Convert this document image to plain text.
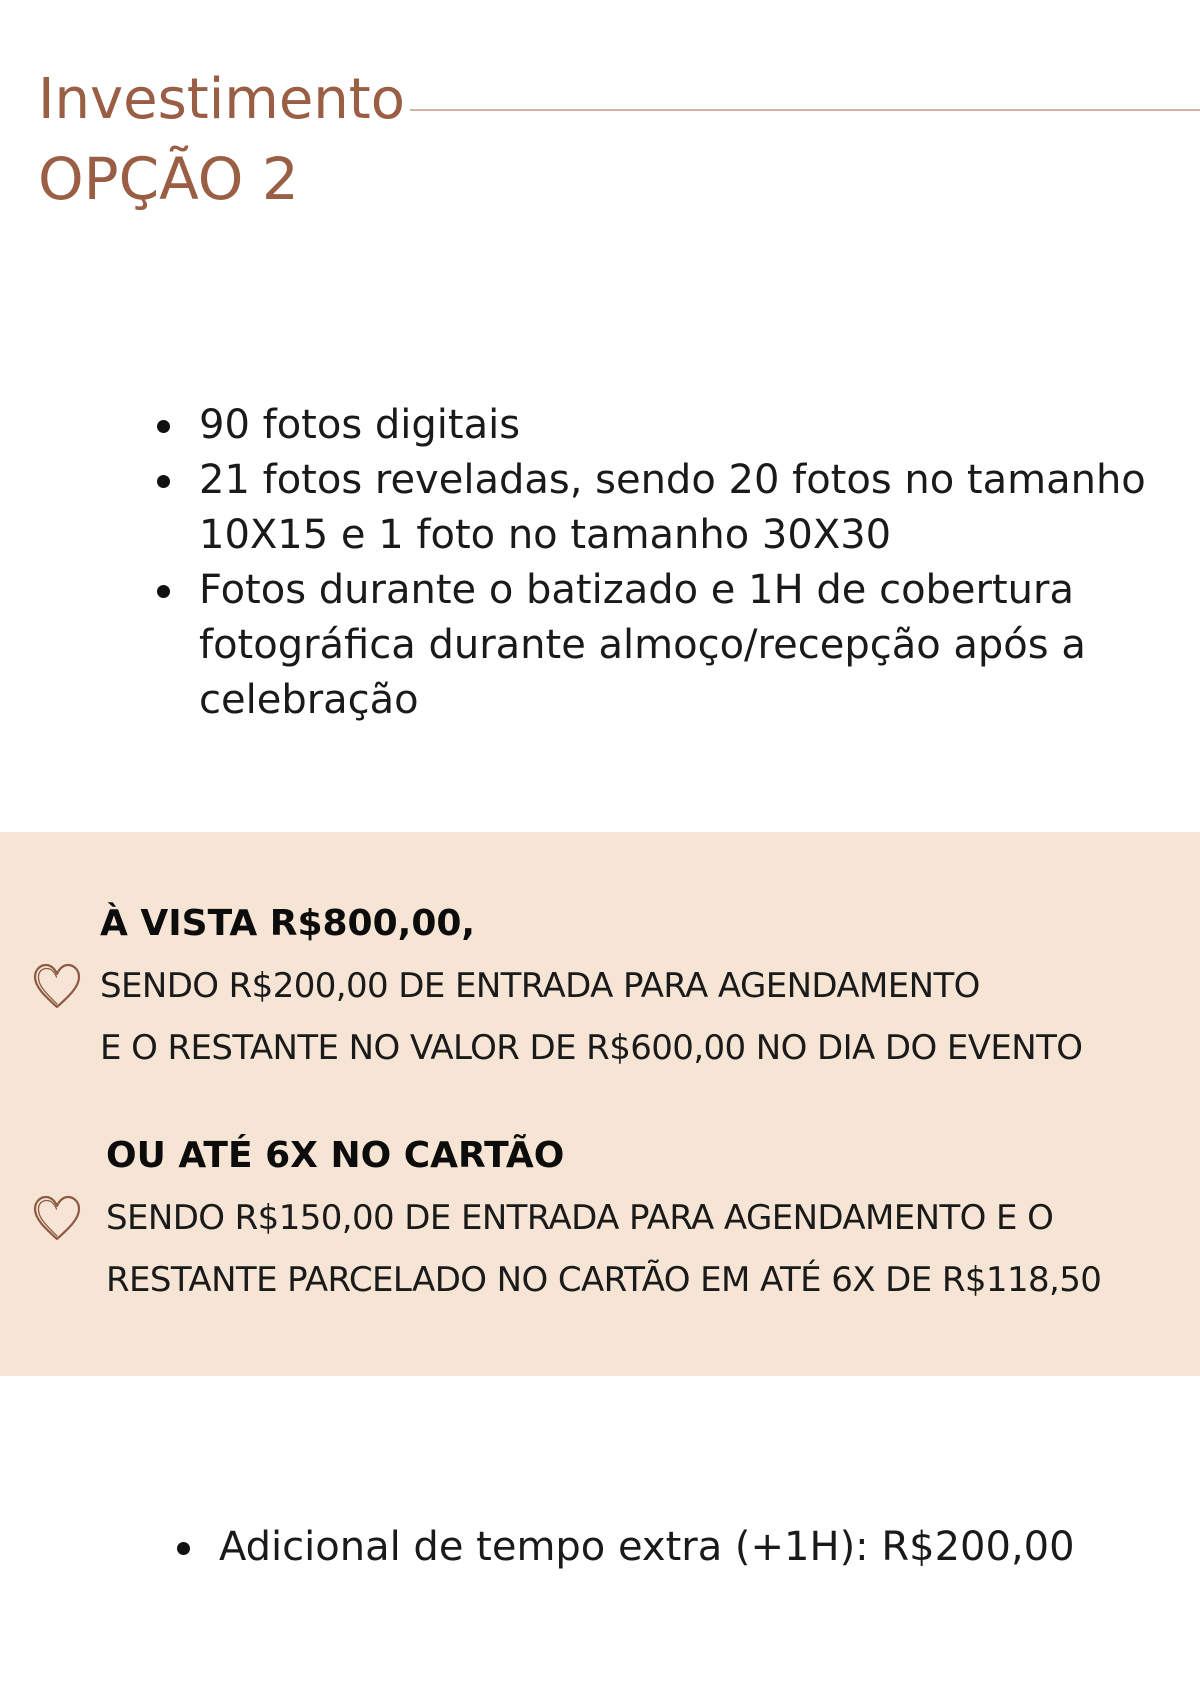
Investimento
OPÇÃO 2
90 fotos digitais
21 fotos reveladas, sendo 20 fotos no tamanho 10X15 e 1 foto no tamanho 30X30
Fotos durante o batizado e 1H de cobertura fotográfica durante almoço/recepção após a celebração

À VISTA R$800,00,

SENDO R$200,00 DE ENTRADA PARA AGENDAMENTO

E O RESTANTE NO VALOR DE R$600,00 NO DIA DO EVENTO

OU ATÉ 6X NO CARTÃO

SENDO R$150,00 DE ENTRADA PARA AGENDAMENTO E O

RESTANTE PARCELADO NO CARTÃO EM ATÉ 6X DE R$118,50

Adicional de tempo extra (+1H): R$200,00
